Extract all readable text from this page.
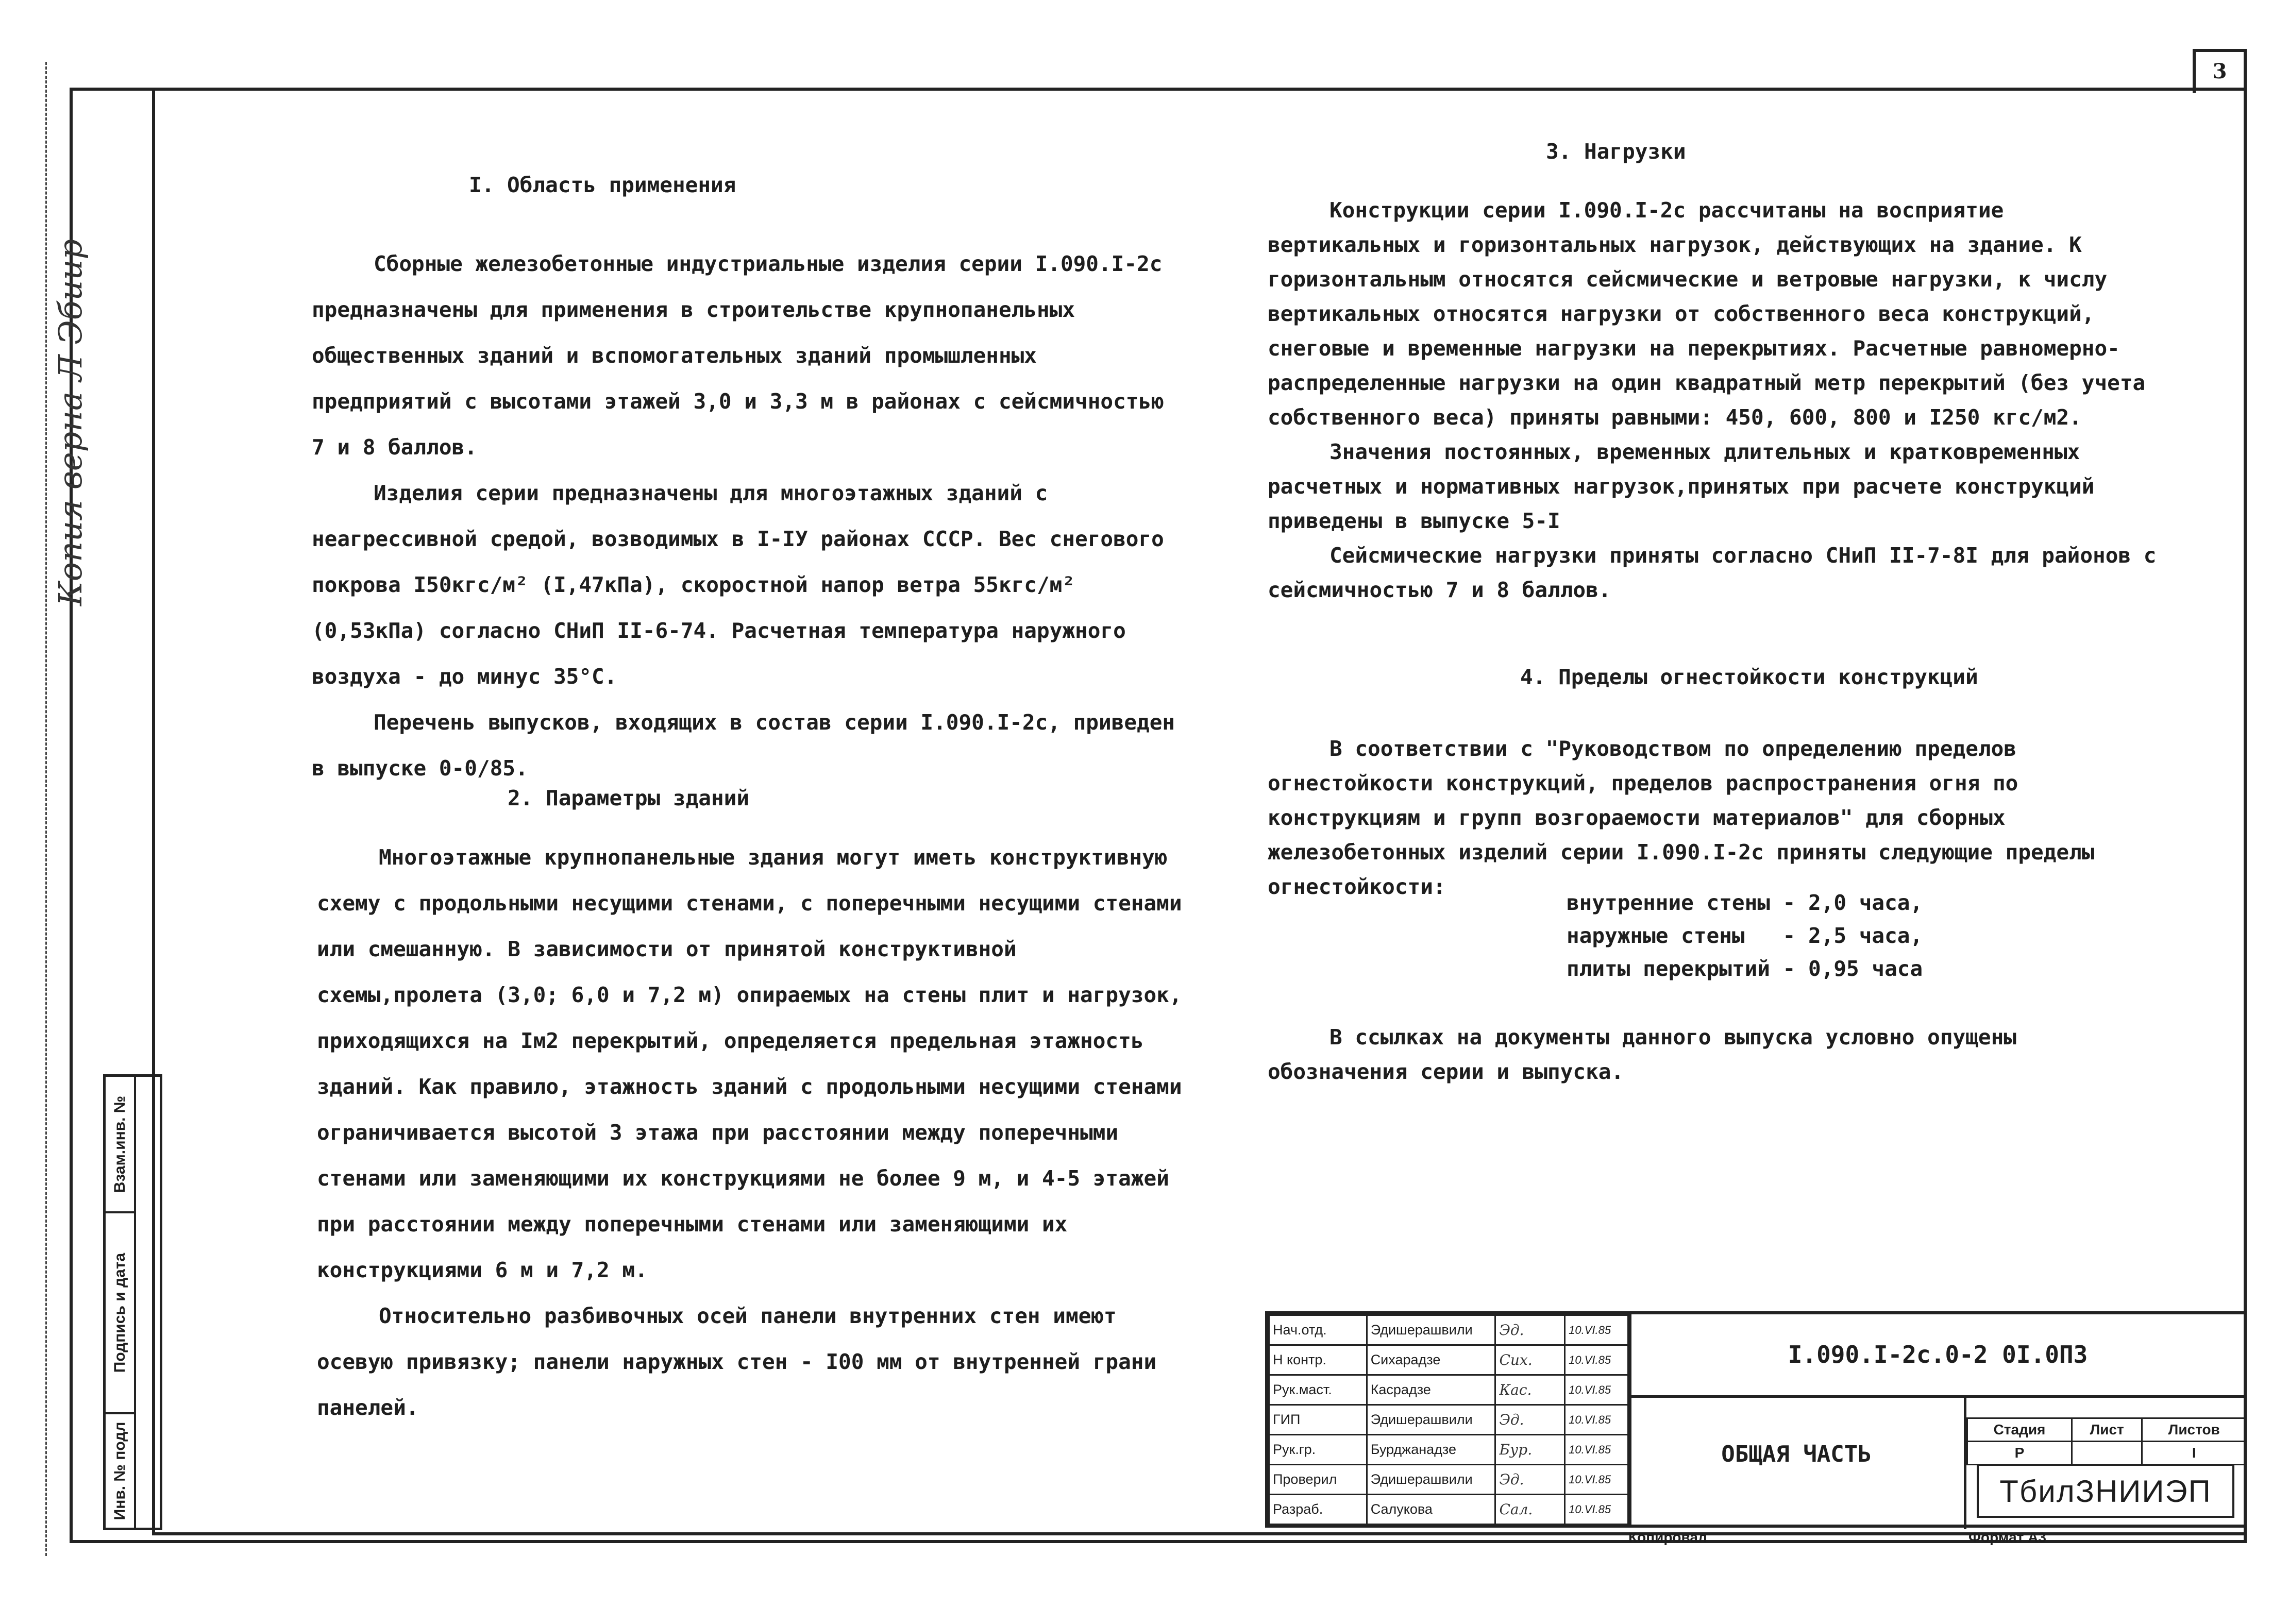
3
Копия верна Л Эбиир
Взам.инв. №
Подпись и дата
Инв. № подл
I. Область применения

Сборные железобетонные индустриальные изделия серии I.090.I-2с предназначены для применения в строительстве крупнопанельных общественных зданий и вспомогательных зданий промышленных предприятий с высотами этажей 3,0 и 3,3 м в районах с сейсмичностью 7 и 8 баллов.

Изделия серии предназначены для многоэтажных зданий с неагрессивной средой, возводимых в I-IУ районах СССР. Вес снегового покрова I50кгс/м² (I,47кПа), скоростной напор ветра 55кгс/м² (0,53кПа) согласно СНиП II-6-74. Расчетная температура наружного воздуха - до минус 35°С.

Перечень выпусков, входящих в состав серии I.090.I-2с, приведен в выпуске 0-0/85.

2. Параметры зданий

Многоэтажные крупнопанельные здания могут иметь конструктивную схему с продольными несущими стенами, с поперечными несущими стенами или смешанную. В зависимости от принятой конструктивной схемы,пролета (3,0; 6,0 и 7,2 м) опираемых на стены плит и нагрузок, приходящихся на Iм2 перекрытий, определяется предельная этажность зданий. Как правило, этажность зданий с продольными несущими стенами ограничивается высотой 3 этажа при расстоянии между поперечными стенами или заменяющими их конструкциями не более 9 м, и 4-5 этажей при расстоянии между поперечными стенами или заменяющими их конструкциями 6 м и 7,2 м.

Относительно разбивочных осей панели внутренних стен имеют осевую привязку; панели наружных стен - I00 мм от внутренней грани панелей.

3. Нагрузки

Конструкции серии I.090.I-2с рассчитаны на восприятие вертикальных и горизонтальных нагрузок, действующих на здание. К горизонтальным относятся сейсмические и ветровые нагрузки, к числу вертикальных относятся нагрузки от собственного веса конструкций, снеговые и временные нагрузки на перекрытиях. Расчетные равномерно-распределенные нагрузки на один квадратный метр перекрытий (без учета собственного веса) приняты равными: 450, 600, 800 и I250 кгс/м2.

Значения постоянных, временных длительных и кратковременных расчетных и нормативных нагрузок,принятых при расчете конструкций приведены в выпуске 5-I

Сейсмические нагрузки приняты согласно СНиП II-7-8I для районов с сейсмичностью 7 и 8 баллов.

4. Пределы огнестойкости конструкций

В соответствии с "Руководством по определению пределов огнестойкости конструкций, пределов распространения огня по конструкциям и групп возгораемости материалов" для сборных железобетонных изделий серии I.090.I-2с приняты следующие пределы огнестойкости:

внутренние стены - 2,0 часа,
наружные стены   - 2,5 часа,
плиты перекрытий - 0,95 часа

В ссылках на документы данного выпуска условно опущены обозначения серии и выпуска.

Нач.отд.	Эдишерашвили	Эд.	10.VI.85
Н контр.	Сихарадзе	Сих.	10.VI.85
Рук.маст.	Касрадзе	Кас.	10.VI.85
ГИП	Эдишерашвили	Эд.	10.VI.85
Рук.гр.	Бурджанадзе	Бур.	10.VI.85
Проверил	Эдишерашвили	Эд.	10.VI.85
Разраб.	Салукова	Сал.	10.VI.85
I.090.I-2с.0-2 0I.0ПЗ
ОБЩАЯ ЧАСТЬ
Стадия	Лист	Листов
Р		I
ТбилЗНИИЭП
Копировал	Формат А3
